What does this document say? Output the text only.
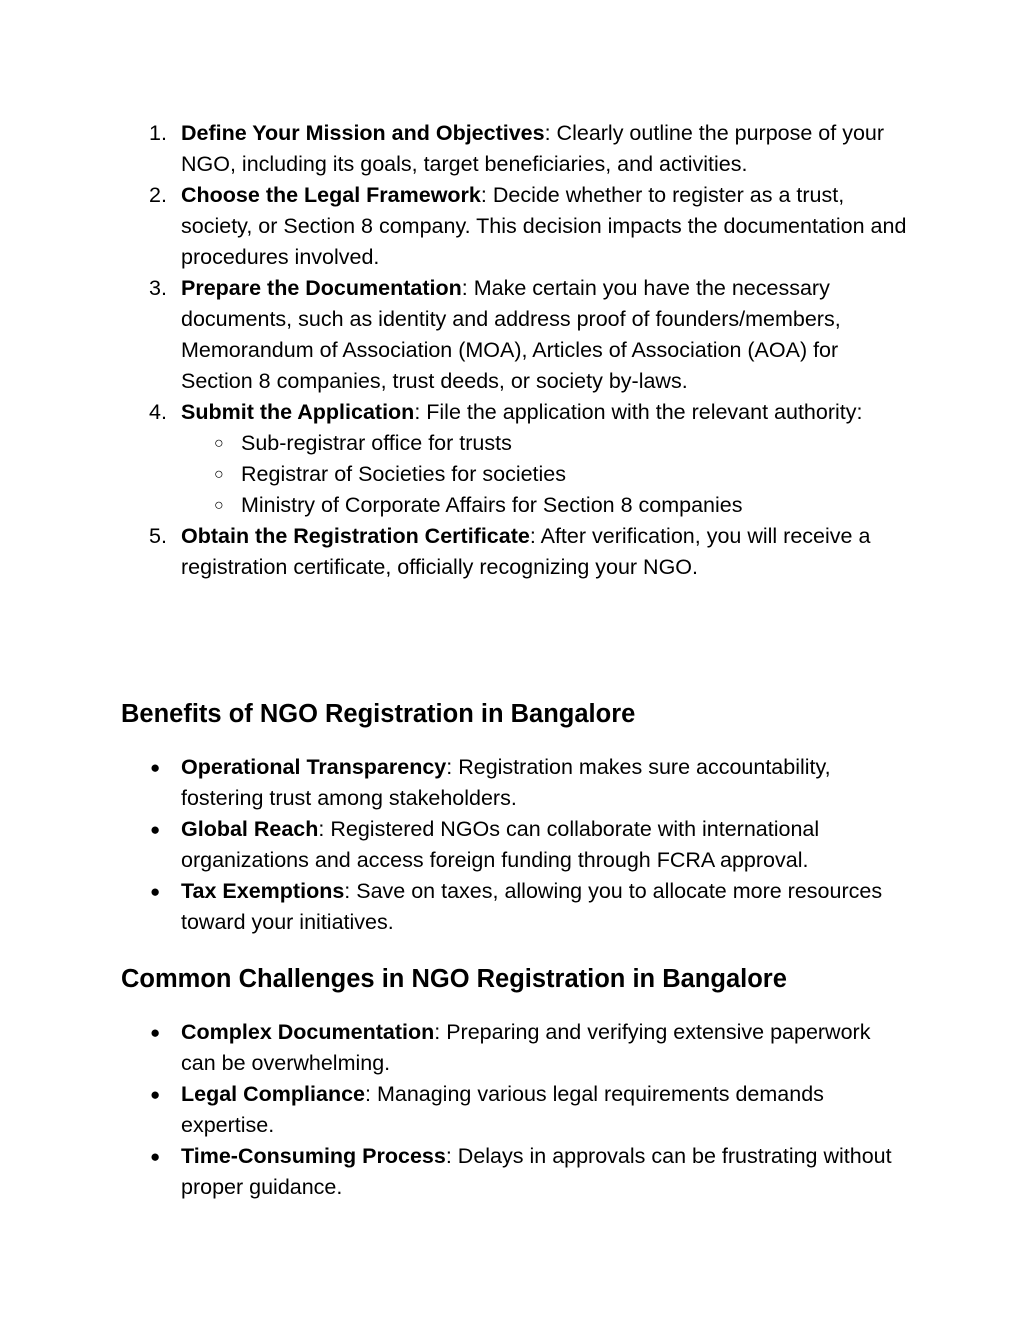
1. Define Your Mission and Objectives: Clearly outline the purpose of your NGO, including its goals, target beneficiaries, and activities.
2. Choose the Legal Framework: Decide whether to register as a trust, society, or Section 8 company. This decision impacts the documentation and procedures involved.
3. Prepare the Documentation: Make certain you have the necessary documents, such as identity and address proof of founders/members, Memorandum of Association (MOA), Articles of Association (AOA) for Section 8 companies, trust deeds, or society by-laws.
4. Submit the Application: File the application with the relevant authority:
○ Sub-registrar office for trusts
○ Registrar of Societies for societies
○ Ministry of Corporate Affairs for Section 8 companies
5. Obtain the Registration Certificate: After verification, you will receive a registration certificate, officially recognizing your NGO.
Benefits of NGO Registration in Bangalore
● Operational Transparency: Registration makes sure accountability, fostering trust among stakeholders.
● Global Reach: Registered NGOs can collaborate with international organizations and access foreign funding through FCRA approval.
● Tax Exemptions: Save on taxes, allowing you to allocate more resources toward your initiatives.
Common Challenges in NGO Registration in Bangalore
● Complex Documentation: Preparing and verifying extensive paperwork can be overwhelming.
● Legal Compliance: Managing various legal requirements demands expertise.
● Time-Consuming Process: Delays in approvals can be frustrating without proper guidance.
